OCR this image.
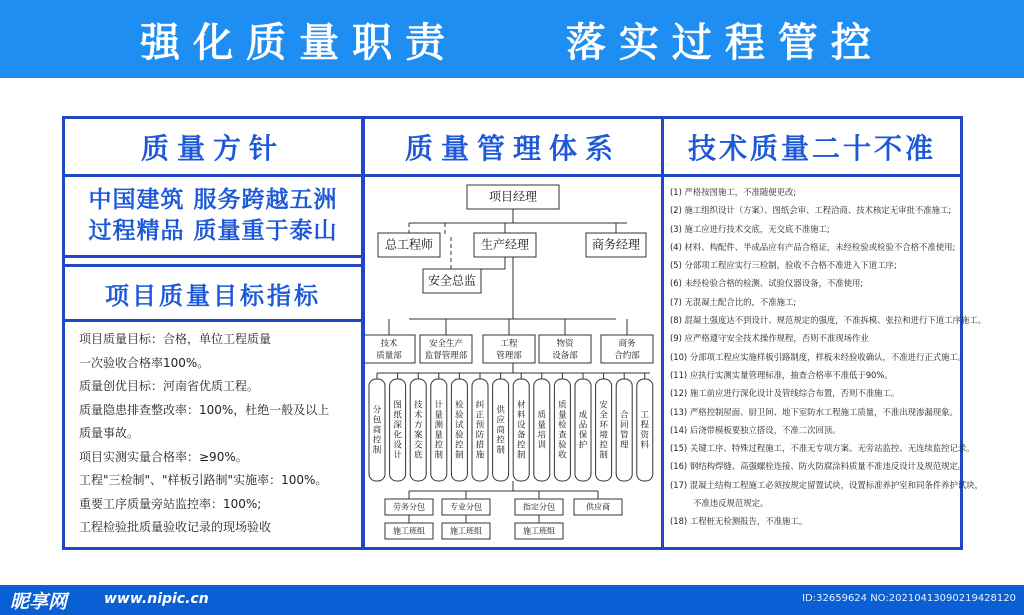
强化质量职责    落实过程管控
质量方针
中国建筑 服务跨越五洲
过程精品 质量重于泰山
项目质量目标指标
项目质量目标：合格，单位工程质量
一次验收合格率100%。
质量创优目标：河南省优质工程。
质量隐患排查整改率：100%，杜绝一般及以上
质量事故。
项目实测实量合格率：≥90%。
工程"三检制"、"样板引路制"实施率：100%。
重要工序质量旁站监控率：100%;
工程检验批质量验收记录的现场验收
质量管理体系
项目经理
总工程师	生产经理	商务经理
安全总监
技术
质量部
安全生产
监督管理部
工程
管理部
物资
设备部
商务
合约部
分
包
商
控
制
图
纸
深
化
设
计
技
术
方
案
交
底
计
量
测
量
控
制
检
验
试
验
控
制
纠
正
预
防
措
施
供
应
商
控
制
材
料
设
备
控
制
质
量
培
训
质
量
检
查
验
收
成
品
保
护
安
全
环
境
控
制
合
同
管
理
工
程
资
料
劳务分包	专业分包	指定分包	供应商
施工班组	施工班组	施工班组
技术质量二十不准
(1) 严格按图施工，不准随便更改;
(2) 施工组织设计（方案）、图纸会审、工程洽商、技术核定无审批不准施工;
(3) 施工应进行技术交底，无交底不准施工;
(4) 材料、构配件、半成品应有产品合格证，未经检验或检验不合格不准使用;
(5) 分部项工程应实行三检制，验收不合格不准进入下道工序;
(6) 未经检验合格的检测、试验仪器设备，不准使用;
(7) 无混凝土配合比的，不准施工;
(8) 混凝土强度达不到设计、规范规定的强度，不准拆模、张拉和进行下道工序施工。
(9) 应严格遵守安全技术操作规程，否则不准现场作业
(10) 分部项工程应实施样板引路制度，样板未经验收确认，不准进行正式施工。
(11) 应执行实测实量管理标准，抽查合格率不准低于90%。
(12) 施工前应进行深化设计及管线综合布置，否则不准施工。
(13) 严格控制屋面、厨卫间、地下室防水工程施工质量，不准出现渗漏现象。
(14) 后浇带模板要独立搭设，不准二次回顶。
(15) 关键工序、特殊过程施工，不准无专项方案、无旁站监控、无连续监控记录。
(16) 钢结构焊缝、高强螺栓连接、防火防腐涂料质量不准违反设计及规范规定。
(17) 混凝土结构工程施工必须按规定留置试块，设置标准养护室和同条件养护试块，
不准违反规范规定。
(18) 工程桩无检测报告，不准施工。
昵享网	www.nipic.cn	ID:32659624 NO:20210413090219428120
